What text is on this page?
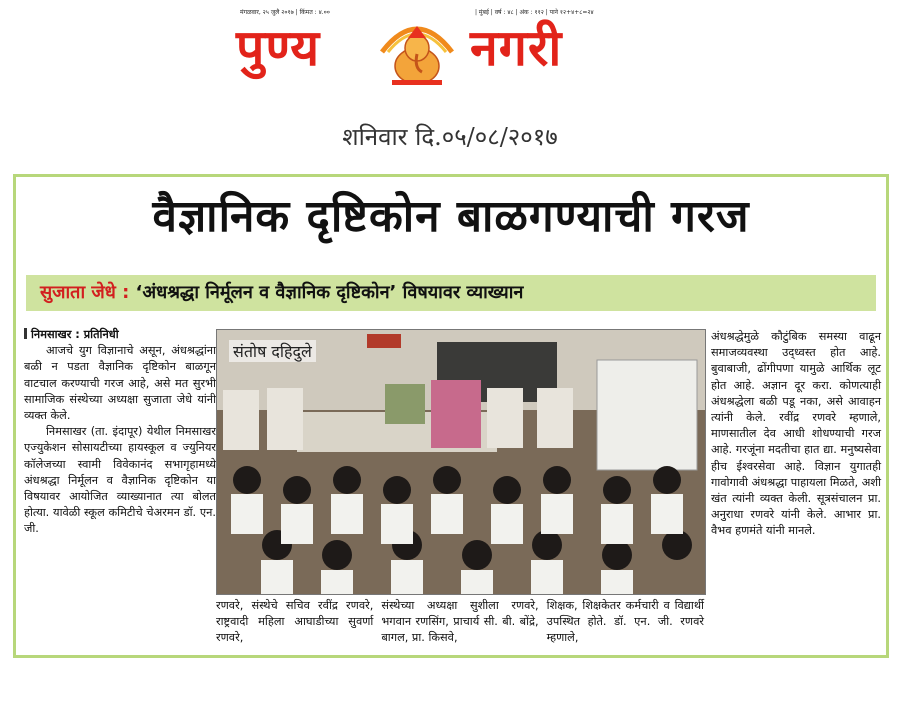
मंगळवार, २५ जुलै २०१७ | किंमत : ४.००	| मुंबई | वर्ष : ४८ | अंक : ११२ | पाने १२+४+८=२४
पुण्य	नगरी
शनिवार दि.०५/०८/२०१७
वैज्ञानिक दृष्टिकोन बाळगण्याची गरज
सुजाता जेधे : ‘अंधश्रद्धा निर्मूलन व वैज्ञानिक दृष्टिकोन’ विषयावर व्याख्यान

निमसाखर : प्रतिनिधी

आजचे युग विज्ञानाचे असून, अंधश्रद्धांना बळी न पडता वैज्ञानिक दृष्टिकोन बाळगून वाटचाल करण्याची गरज आहे, असे मत सुरभी सामाजिक संस्थेच्या अध्यक्षा सुजाता जेधे यांनी व्यक्त केले.

निमसाखर (ता. इंदापूर) येथील निमसाखर एज्युकेशन सोसायटीच्या हायस्कूल व ज्युनियर कॉलेजच्या स्वामी विवेकानंद सभागृहामध्ये अंधश्रद्धा निर्मूलन व वैज्ञानिक दृष्टिकोन या विषयावर आयोजित व्याख्यानात त्या बोलत होत्या. यावेळी स्कूल कमिटीचे चेअरमन डॉ. एन. जी.

संतोष दहिदुले
रणवरे, संस्थेचे सचिव रवींद्र रणवरे, राष्ट्रवादी महिला आघाडीच्या सुवर्णा रणवरे,
संस्थेच्या अध्यक्षा सुशीला रणवरे, भगवान रणसिंग, प्राचार्य सी. बी. बोंद्रे, बागल, प्रा. किसवे,
शिक्षक, शिक्षकेतर कर्मचारी व विद्यार्थी उपस्थित होते. डॉ. एन. जी. रणवरे म्हणाले,

अंधश्रद्धेमुळे कौटुंबिक समस्या वाढून समाजव्यवस्था उद्ध्वस्त होत आहे. बुवाबाजी, ढोंगीपणा यामुळे आर्थिक लूट होत आहे. अज्ञान दूर करा. कोणत्याही अंधश्रद्धेला बळी पडू नका, असे आवाहन त्यांनी केले. रवींद्र रणवरे म्हणाले, माणसातील देव आधी शोधण्याची गरज आहे. गरजूंना मदतीचा हात द्या. मनुष्यसेवा हीच ईश्वरसेवा आहे. विज्ञान युगातही गावोगावी अंधश्रद्धा पाहायला मिळते, अशी खंत त्यांनी व्यक्त केली. सूत्रसंचालन प्रा. अनुराधा रणवरे यांनी केले. आभार प्रा. वैभव हणमंते यांनी मानले.
